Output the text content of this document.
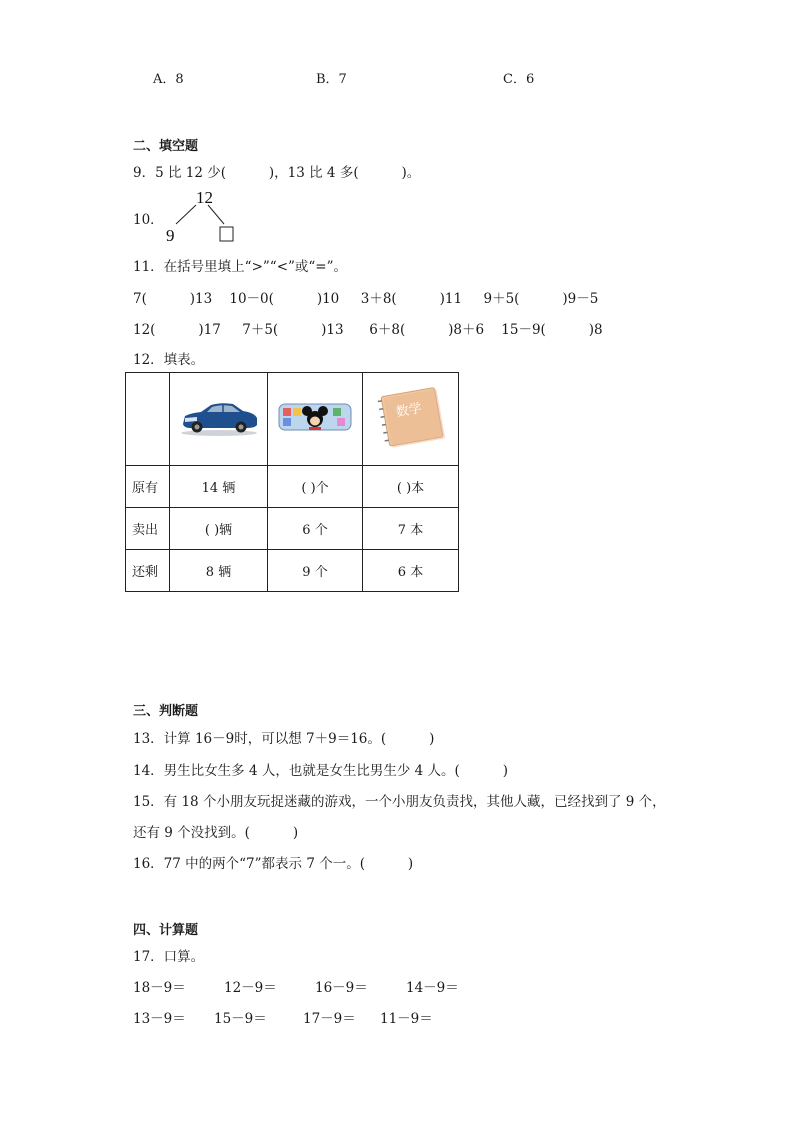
A．8	B．7	C．6
二、填空题
9．5 比 12 少(          )，13 比 4 多(          )。
10．
12
9
11．在括号里填上“>”“<”或“=”。
7(          )13    10－0(          )10     3＋8(          )11     9＋5(          )9－5
12(          )17     7＋5(          )13      6＋8(          )8＋6    15－9(          )8
12．填表。

数学

原有	14 辆	( )个	( )本
卖出	( )辆	6 个	7 本
还剩	8 辆	9 个	6 本
三、判断题
13．计算 16－9时，可以想 7＋9＝16。(          )
14．男生比女生多 4 人，也就是女生比男生少 4 人。(          )
15．有 18 个小朋友玩捉迷藏的游戏，一个小朋友负责找，其他人藏，已经找到了 9 个，
还有 9 个没找到。(          )
16．77 中的两个“7”都表示 7 个一。(          )
四、计算题
17．口算。
18－9＝	12－9＝	16－9＝	14－9＝
13－9＝ 15－9＝	17－9＝ 11－9＝
